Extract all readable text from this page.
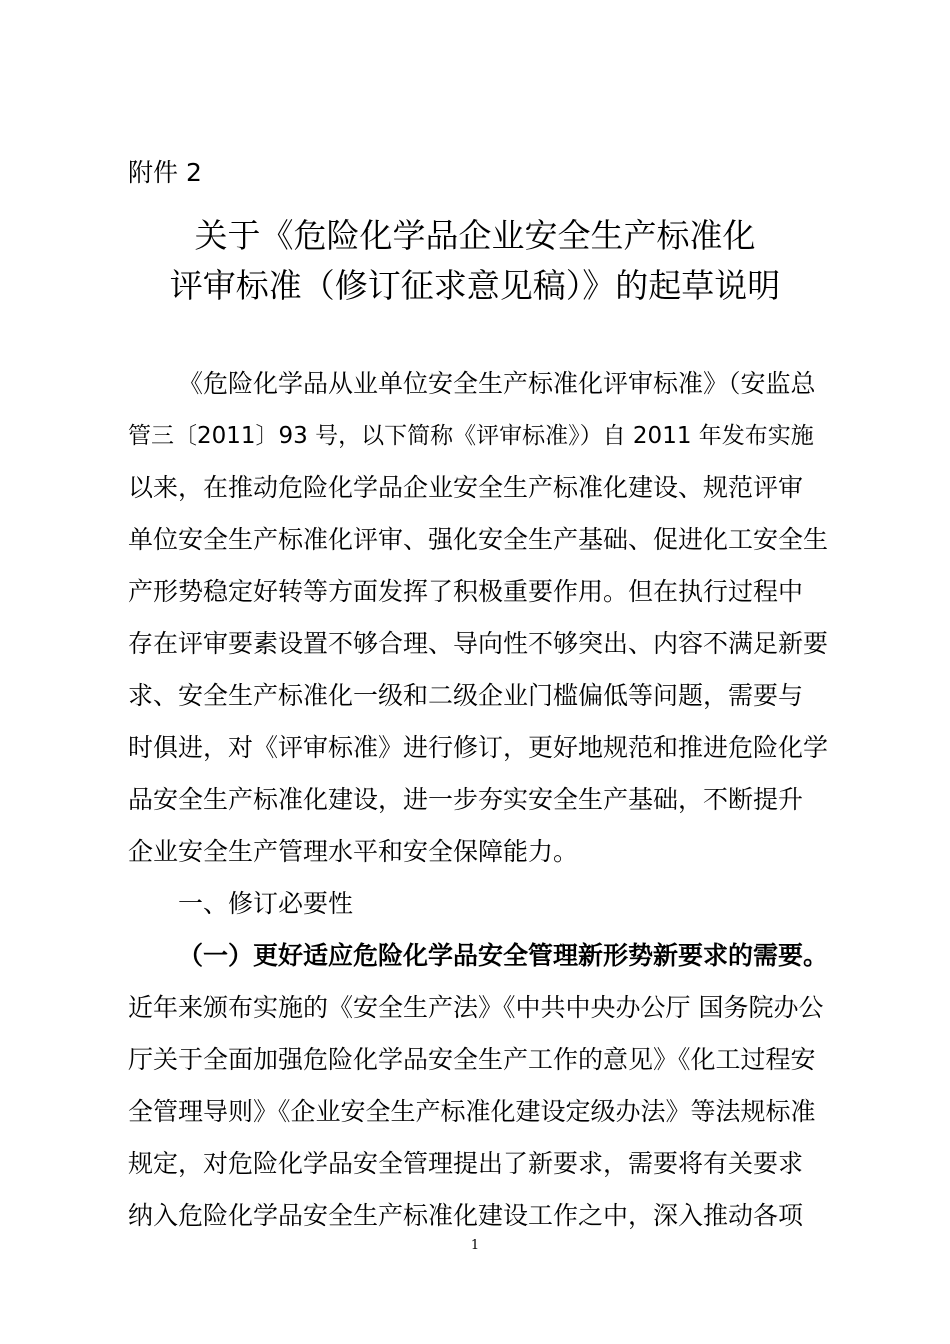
附件 2
关于《危险化学品企业安全生产标准化
评审标准（修订征求意见稿）》的起草说明
《危险化学品从业单位安全生产标准化评审标准》（安监总
管三〔2011〕93 号，以下简称《评审标准》）自 2011 年发布实施
以来，在推动危险化学品企业安全生产标准化建设、规范评审
单位安全生产标准化评审、强化安全生产基础、促进化工安全生
产形势稳定好转等方面发挥了积极重要作用。但在执行过程中
存在评审要素设置不够合理、导向性不够突出、内容不满足新要
求、安全生产标准化一级和二级企业门槛偏低等问题，需要与
时俱进，对《评审标准》进行修订，更好地规范和推进危险化学
品安全生产标准化建设，进一步夯实安全生产基础，不断提升
企业安全生产管理水平和安全保障能力。
一、修订必要性
（一）更好适应危险化学品安全管理新形势新要求的需要。
近年来颁布实施的《安全生产法》《中共中央办公厅 国务院办公
厅关于全面加强危险化学品安全生产工作的意见》《化工过程安
全管理导则》《企业安全生产标准化建设定级办法》等法规标准
规定，对危险化学品安全管理提出了新要求，需要将有关要求
纳入危险化学品安全生产标准化建设工作之中，深入推动各项
1
